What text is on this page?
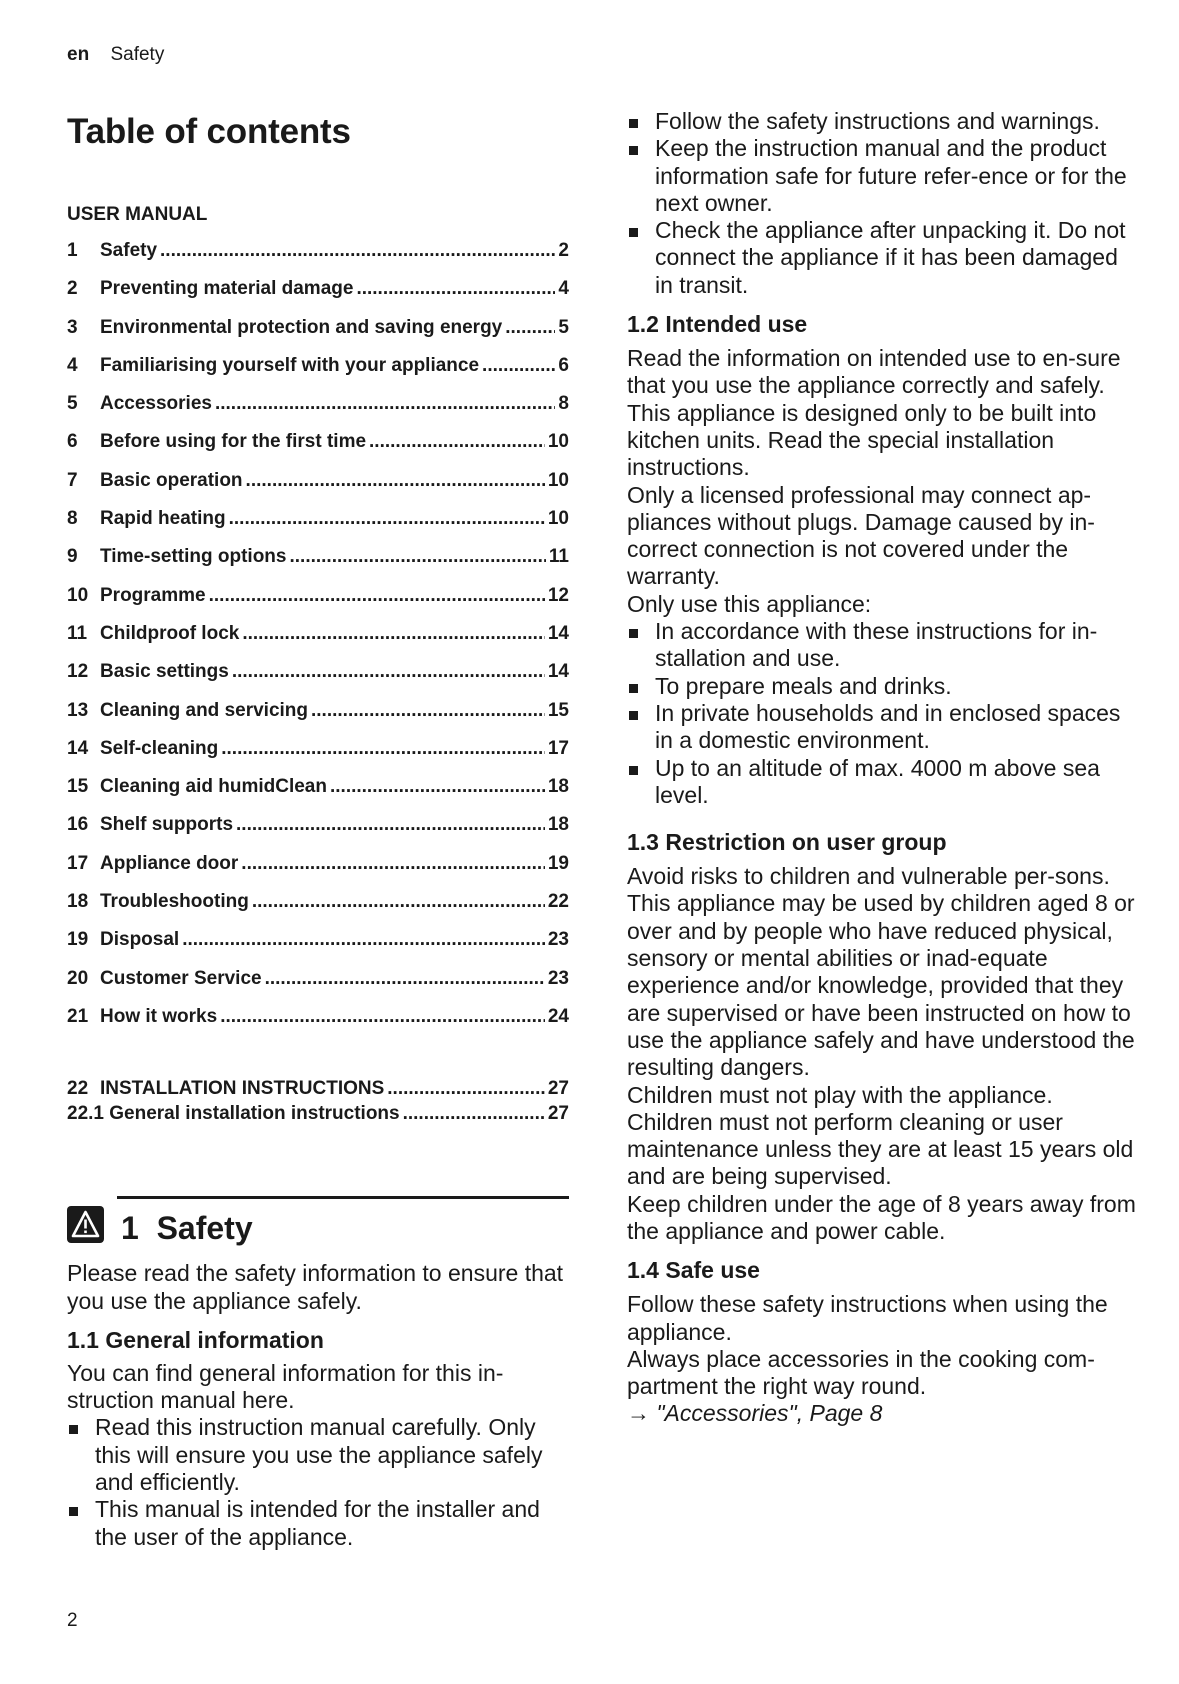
en Safety
Table of contents
USER MANUAL
1	Safety .....	2
2	Preventing material damage .....	4
3	Environmental protection and saving energy .....	5
4	Familiarising yourself with your appliance .....	6
5	Accessories .....	8
6	Before using for the first time .....	10
7	Basic operation .....	10
8	Rapid heating .....	10
9	Time-setting options .....	11
10 Programme .....	12
11 Childproof lock .....	14
12 Basic settings .....	14
13 Cleaning and servicing .....	15
14 Self-cleaning .....	17
15 Cleaning aid humidClean .....	18
16 Shelf supports .....	18
17 Appliance door .....	19
18 Troubleshooting .....	22
19 Disposal .....	23
20 Customer Service .....	23
21 How it works .....	24
22 INSTALLATION INSTRUCTIONS .....	27
22.1 General installation instructions .....	27
1 Safety

Please read the safety information to ensure that you use the appliance safely.

1.1 General information

You can find general information for this in-struction manual here.

Read this instruction manual carefully. Only this will ensure you use the appliance safely and efficiently.
This manual is intended for the installer and the user of the appliance.
Follow the safety instructions and warnings.
Keep the instruction manual and the product information safe for future refer-ence or for the next owner.
Check the appliance after unpacking it. Do not connect the appliance if it has been damaged in transit.
1.2 Intended use

Read the information on intended use to en-sure that you use the appliance correctly and safely.

This appliance is designed only to be built into kitchen units. Read the special installation instructions.

Only a licensed professional may connect ap-pliances without plugs. Damage caused by in-correct connection is not covered under the warranty.

Only use this appliance:

In accordance with these instructions for in-stallation and use.
To prepare meals and drinks.
In private households and in enclosed spaces in a domestic environment.
Up to an altitude of max. 4000 m above sea level.
1.3 Restriction on user group

Avoid risks to children and vulnerable per-sons.

This appliance may be used by children aged 8 or over and by people who have reduced physical, sensory or mental abilities or inad-equate experience and/or knowledge, provided that they are supervised or have been instructed on how to use the appliance safely and have understood the resulting dangers.

Children must not play with the appliance.

Children must not perform cleaning or user maintenance unless they are at least 15 years old and are being supervised.

Keep children under the age of 8 years away from the appliance and power cable.

1.4 Safe use

Follow these safety instructions when using the appliance.

Always place accessories in the cooking com-partment the right way round.

→ "Accessories", Page 8

2
